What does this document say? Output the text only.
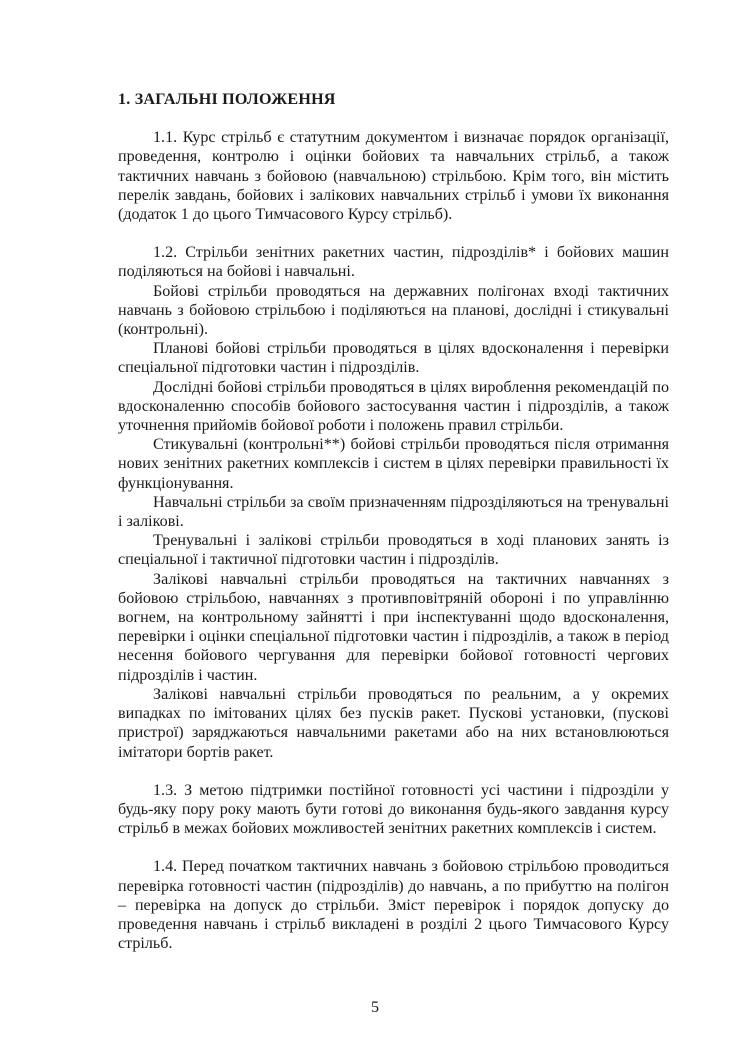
1. ЗАГАЛЬНІ ПОЛОЖЕННЯ

1.1. Курс стрільб є статутним документом і визначає порядок організації, проведення, контролю і оцінки бойових та навчальних стрільб, а також тактичних навчань з бойовою (навчальною) стрільбою. Крім того, він містить перелік завдань, бойових і залікових навчальних стрільб і умови їх виконання (додаток 1 до цього Тимчасового Курсу стрільб).

1.2. Стрільби зенітних ракетних частин, підрозділів* і бойових машин поділяються на бойові і навчальні.

Бойові стрільби проводяться на державних полігонах вході тактичних навчань з бойовою стрільбою і поділяються на планові, дослідні і стикувальні (контрольні).

Планові бойові стрільби проводяться в цілях вдосконалення і перевірки спеціальної підготовки частин і підрозділів.

Дослідні бойові стрільби проводяться в цілях вироблення рекомендацій по вдосконаленню способів бойового застосування частин і підрозділів, а також уточнення прийомів бойової роботи і положень правил стрільби.

Стикувальні (контрольні**) бойові стрільби проводяться після отримання нових зенітних ракетних комплексів і систем в цілях перевірки правильності їх функціонування.

Навчальні стрільби за своїм призначенням підрозділяються на тренувальні і залікові.

Тренувальні і залікові стрільби проводяться в ході планових занять із спеціальної і тактичної підготовки частин і підрозділів.

Залікові навчальні стрільби проводяться на тактичних навчаннях з бойовою стрільбою, навчаннях з противповітряній обороні і по управлінню вогнем, на контрольному зайнятті і при інспектуванні щодо вдосконалення, перевірки і оцінки спеціальної підготовки частин і підрозділів, а також в період несення бойового чергування для перевірки бойової готовності чергових підрозділів і частин.

Залікові навчальні стрільби проводяться по реальним, а у окремих випадках по імітованих цілях без пусків ракет. Пускові установки, (пускові пристрої) заряджаються навчальними ракетами або на них встановлюються імітатори бортів ракет.

1.3. З метою підтримки постійної готовності усі частини і підрозділи у будь-яку пору року мають бути готові до виконання будь-якого завдання курсу стрільб в межах бойових можливостей зенітних ракетних комплексів і систем.

1.4. Перед початком тактичних навчань з бойовою стрільбою проводиться перевірка готовності частин (підрозділів) до навчань, а по прибуттю на полігон – перевірка на допуск до стрільби. Зміст перевірок і порядок допуску до проведення навчань і стрільб викладені в розділі 2 цього Тимчасового Курсу стрільб.

5
